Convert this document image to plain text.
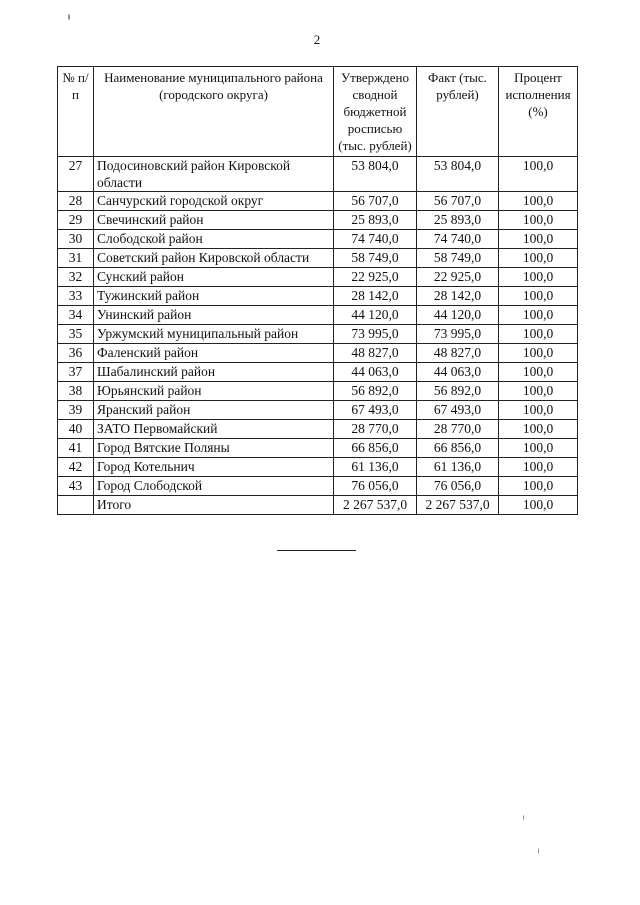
2
№ п/п	Наименование муниципального района (городского округа)	Утверждено сводной бюджетной росписью (тыс. рублей)	Факт (тыс. рублей)	Процент исполнения (%)
27	Подосиновский район Кировской области	53 804,0	53 804,0	100,0
28	Санчурский городской округ	56 707,0	56 707,0	100,0
29	Свечинский район	25 893,0	25 893,0	100,0
30	Слободской район	74 740,0	74 740,0	100,0
31	Советский район Кировской области	58 749,0	58 749,0	100,0
32	Сунский район	22 925,0	22 925,0	100,0
33	Тужинский район	28 142,0	28 142,0	100,0
34	Унинский район	44 120,0	44 120,0	100,0
35	Уржумский муниципальный район	73 995,0	73 995,0	100,0
36	Фаленский район	48 827,0	48 827,0	100,0
37	Шабалинский район	44 063,0	44 063,0	100,0
38	Юрьянский район	56 892,0	56 892,0	100,0
39	Яранский район	67 493,0	67 493,0	100,0
40	ЗАТО Первомайский	28 770,0	28 770,0	100,0
41	Город Вятские Поляны	66 856,0	66 856,0	100,0
42	Город Котельнич	61 136,0	61 136,0	100,0
43	Город Слободской	76 056,0	76 056,0	100,0
	Итого	2 267 537,0	2 267 537,0	100,0
